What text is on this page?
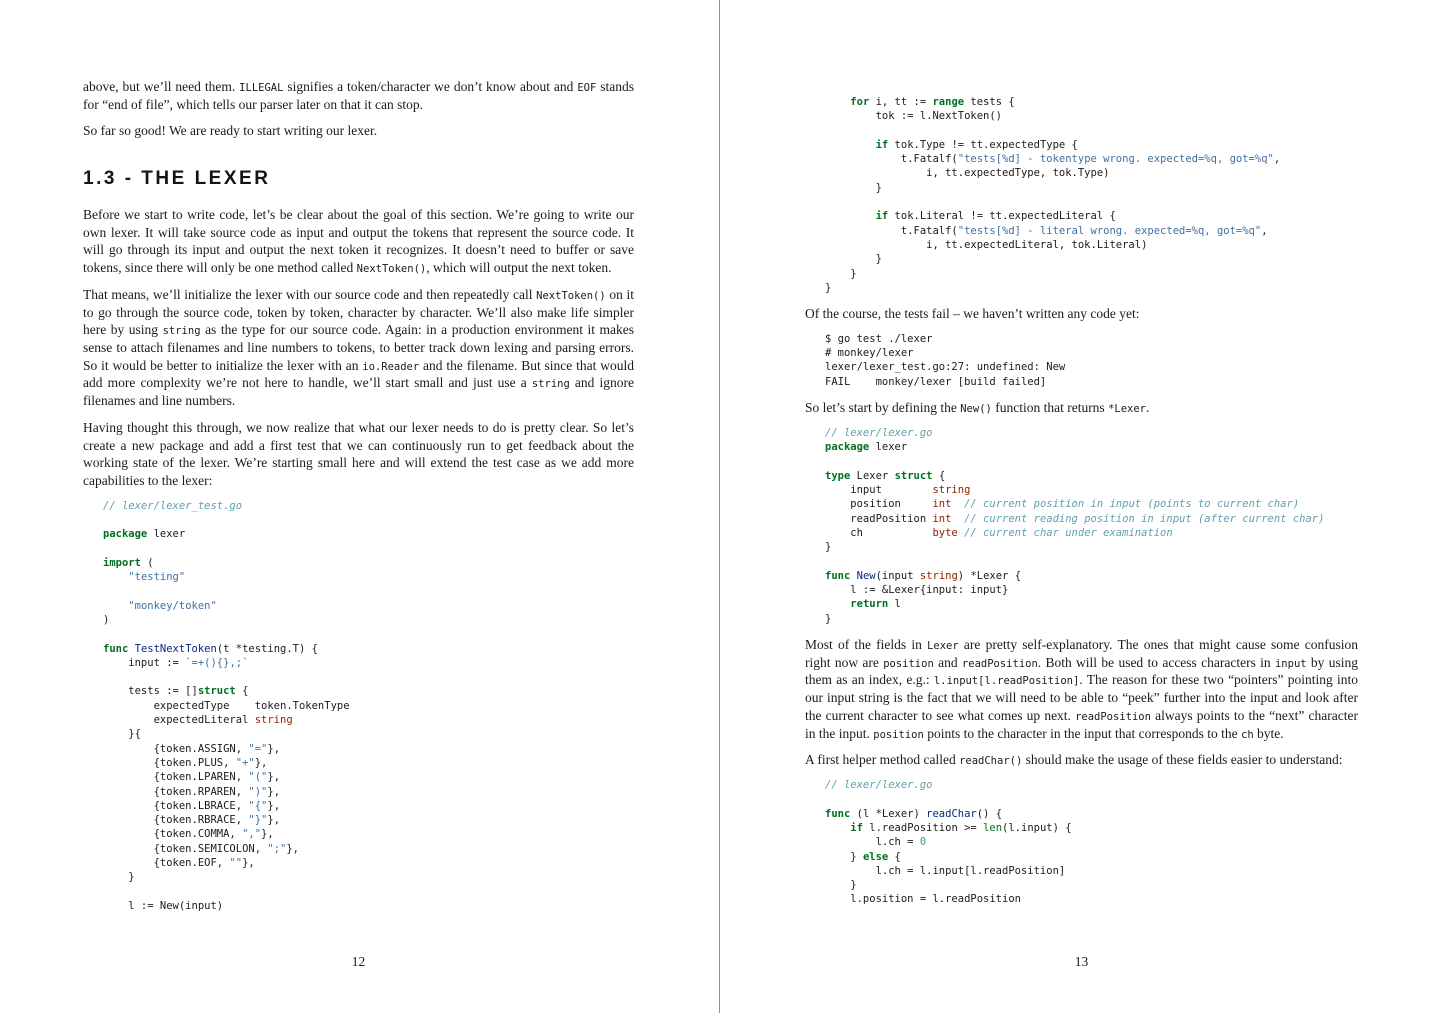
above, but we’ll need them. ILLEGAL signifies a token/character we don’t know about and EOF stands for “end of file”, which tells our parser later on that it can stop.

So far so good! We are ready to start writing our lexer.

1.3 - THE LEXER

Before we start to write code, let’s be clear about the goal of this section. We’re going to write our own lexer. It will take source code as input and output the tokens that represent the source code. It will go through its input and output the next token it recognizes. It doesn’t need to buffer or save tokens, since there will only be one method called NextToken(), which will output the next token.

That means, we’ll initialize the lexer with our source code and then repeatedly call NextToken() on it to go through the source code, token by token, character by character. We’ll also make life simpler here by using string as the type for our source code. Again: in a production environment it makes sense to attach filenames and line numbers to tokens, to better track down lexing and parsing errors. So it would be better to initialize the lexer with an io.Reader and the filename. But since that would add more complexity we’re not here to handle, we’ll start small and just use a string and ignore filenames and line numbers.

Having thought this through, we now realize that what our lexer needs to do is pretty clear. So let’s create a new package and add a first test that we can continuously run to get feedback about the working state of the lexer. We’re starting small here and will extend the test case as we add more capabilities to the lexer:

// lexer/lexer_test.go

package lexer

import (
"testing"

"monkey/token"
)

func TestNextToken(t *testing.T) {
input := `=+(){},;`

tests := []struct {
expectedType    token.TokenType
expectedLiteral string
}{
{token.ASSIGN, "="},
{token.PLUS, "+"},
{token.LPAREN, "("},
{token.RPAREN, ")"},
{token.LBRACE, "{"},
{token.RBRACE, "}"},
{token.COMMA, ","},
{token.SEMICOLON, ";"},
{token.EOF, ""},
}

l := New(input)

for i, tt := range tests {
tok := l.NextToken()

if tok.Type != tt.expectedType {
t.Fatalf("tests[%d] - tokentype wrong. expected=%q, got=%q",
i, tt.expectedType, tok.Type)
}

if tok.Literal != tt.expectedLiteral {
t.Fatalf("tests[%d] - literal wrong. expected=%q, got=%q",
i, tt.expectedLiteral, tok.Literal)
}
}
}

Of the course, the tests fail – we haven’t written any code yet:

$ go test ./lexer
# monkey/lexer
lexer/lexer_test.go:27: undefined: New
FAIL    monkey/lexer [build failed]

So let’s start by defining the New() function that returns *Lexer.

// lexer/lexer.go
package lexer

type Lexer struct {
input        string
position     int // current position in input (points to current char)
readPosition int // current reading position in input (after current char)
ch           byte // current char under examination
}

func New(input string) *Lexer {
l := &Lexer{input: input}
return l
}

Most of the fields in Lexer are pretty self-explanatory. The ones that might cause some confusion right now are position and readPosition. Both will be used to access characters in input by using them as an index, e.g.: l.input[l.readPosition]. The reason for these two “pointers” pointing into our input string is the fact that we will need to be able to “peek” further into the input and look after the current character to see what comes up next. readPosition always points to the “next” character in the input. position points to the character in the input that corresponds to the ch byte.

A first helper method called readChar() should make the usage of these fields easier to understand:

// lexer/lexer.go

func (l *Lexer) readChar() {
if l.readPosition >= len(l.input) {
l.ch = 0
} else {
l.ch = l.input[l.readPosition]
}
l.position = l.readPosition

12	13
